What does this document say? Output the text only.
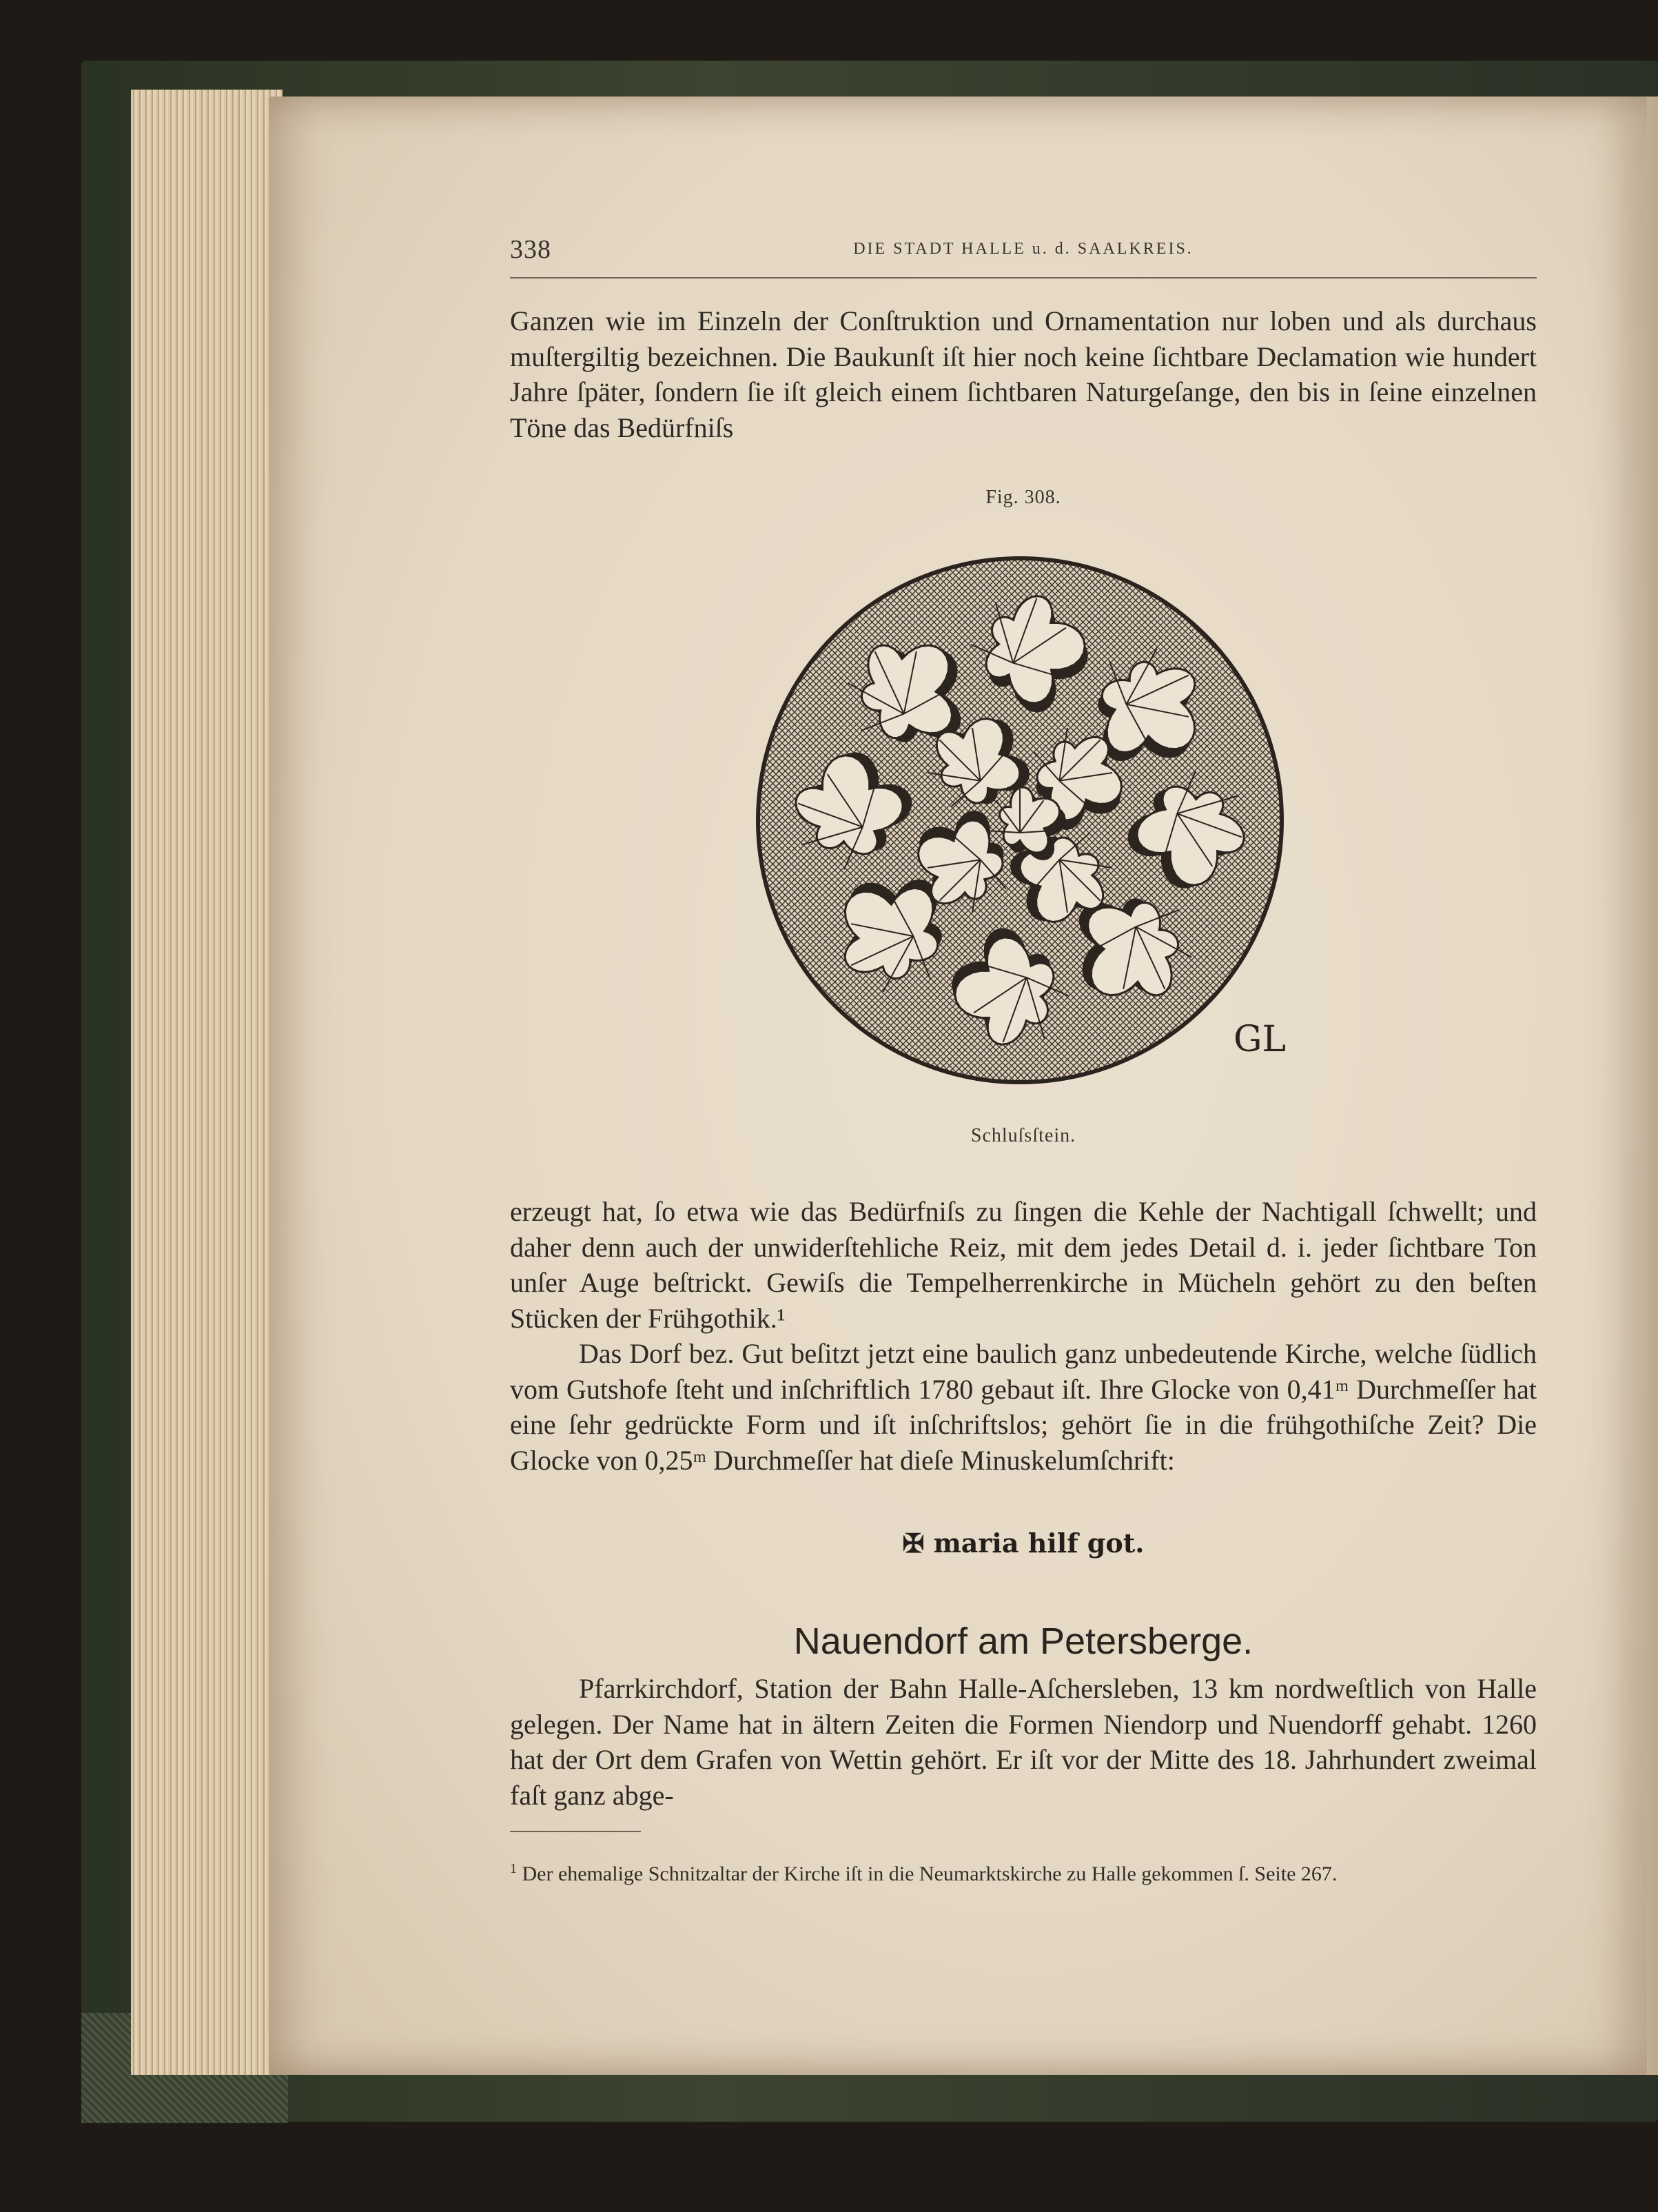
338	DIE STADT HALLE u. d. SAALKREIS.

Ganzen wie im Einzeln der Conſtruktion und Ornamentation nur loben und als durchaus muſtergiltig bezeichnen. Die Baukunſt iſt hier noch keine ſichtbare Declamation wie hundert Jahre ſpäter, ſondern ſie iſt gleich einem ſichtbaren Naturgeſange, den bis in ſeine einzelnen Töne das Bedürfniſs

Fig. 308.
GL
Schluſsſtein.

erzeugt hat, ſo etwa wie das Bedürfniſs zu ſingen die Kehle der Nachtigall ſchwellt; und daher denn auch der unwiderſtehliche Reiz, mit dem jedes Detail d. i. jeder ſichtbare Ton unſer Auge beſtrickt. Gewiſs die Tempelherrenkirche in Mücheln gehört zu den beſten Stücken der Frühgothik.¹

Das Dorf bez. Gut beſitzt jetzt eine baulich ganz unbedeutende Kirche, welche ſüdlich vom Gutshofe ſteht und inſchriftlich 1780 gebaut iſt. Ihre Glocke von 0,41ᵐ Durchmeſſer hat eine ſehr gedrückte Form und iſt inſchriftslos; gehört ſie in die frühgothiſche Zeit? Die Glocke von 0,25ᵐ Durchmeſſer hat dieſe Minuskelumſchrift:

✠ maria hilf got.
Nauendorf am Petersberge.

Pfarrkirchdorf, Station der Bahn Halle-Aſchersleben, 13 km nordweſtlich von Halle gelegen. Der Name hat in ältern Zeiten die Formen Niendorp und Nuendorff gehabt. 1260 hat der Ort dem Grafen von Wettin gehört. Er iſt vor der Mitte des 18. Jahrhundert zweimal faſt ganz abge-

$^1$ Der ehemalige Schnitzaltar der Kirche iſt in die Neumarktskirche zu Halle gekommen ſ. Seite 267.
